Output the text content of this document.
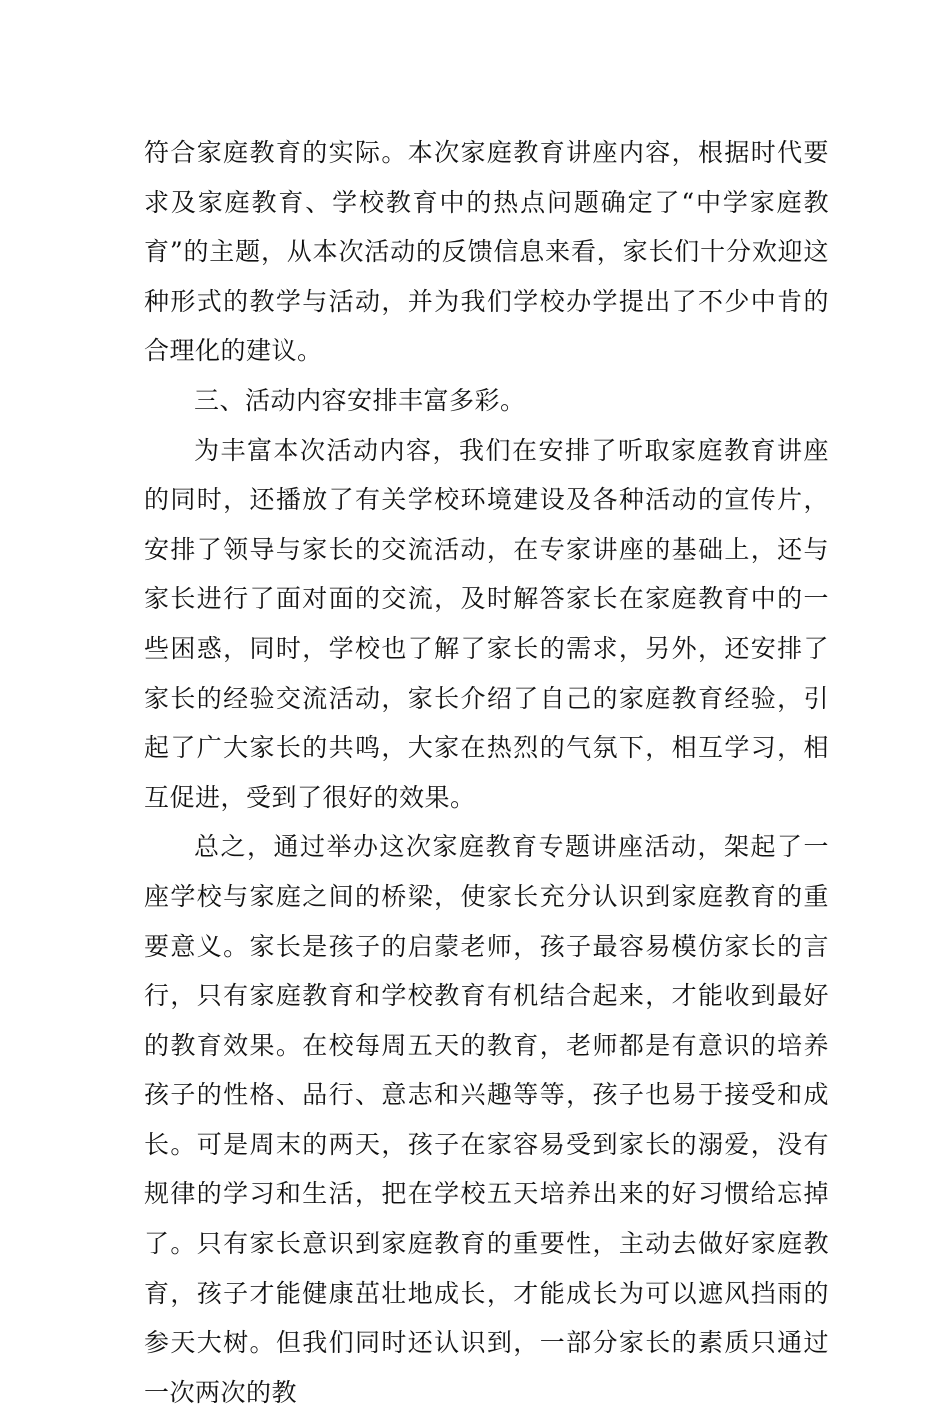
符合家庭教育的实际。本次家庭教育讲座内容，根据时代要求及家庭教育、学校教育中的热点问题确定了“中学家庭教育”的主题，从本次活动的反馈信息来看，家长们十分欢迎这种形式的教学与活动，并为我们学校办学提出了不少中肯的合理化的建议。

三、活动内容安排丰富多彩。

为丰富本次活动内容，我们在安排了听取家庭教育讲座的同时，还播放了有关学校环境建设及各种活动的宣传片，安排了领导与家长的交流活动，在专家讲座的基础上，还与家长进行了面对面的交流，及时解答家长在家庭教育中的一些困惑，同时，学校也了解了家长的需求，另外，还安排了家长的经验交流活动，家长介绍了自己的家庭教育经验，引起了广大家长的共鸣，大家在热烈的气氛下，相互学习，相互促进，受到了很好的效果。

总之，通过举办这次家庭教育专题讲座活动，架起了一座学校与家庭之间的桥梁，使家长充分认识到家庭教育的重要意义。家长是孩子的启蒙老师，孩子最容易模仿家长的言行，只有家庭教育和学校教育有机结合起来，才能收到最好的教育效果。在校每周五天的教育，老师都是有意识的培养孩子的性格、品行、意志和兴趣等等，孩子也易于接受和成长。可是周末的两天，孩子在家容易受到家长的溺爱，没有规律的学习和生活，把在学校五天培养出来的好习惯给忘掉了。只有家长意识到家庭教育的重要性，主动去做好家庭教育，孩子才能健康茁壮地成长，才能成长为可以遮风挡雨的参天大树。但我们同时还认识到，一部分家长的素质只通过一次两次的教
